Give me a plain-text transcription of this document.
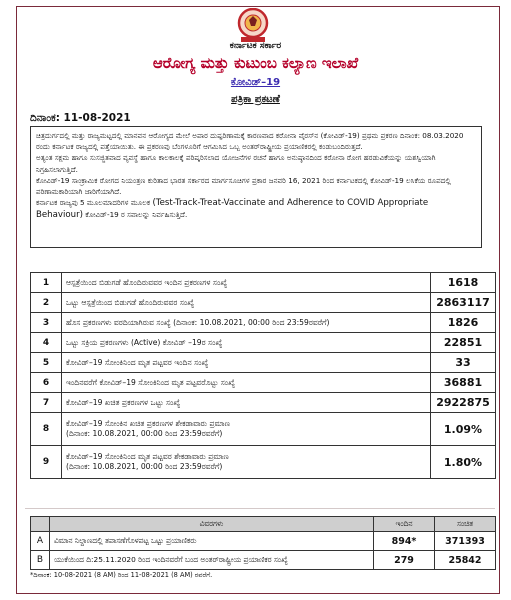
ಕರ್ನಾಟಕ ಸರ್ಕಾರ
ಆರೋಗ್ಯ ಮತ್ತು ಕುಟುಂಬ ಕಲ್ಯಾಣ ಇಲಾಖೆ
ಕೋವಿಡ್–19
ಪತ್ರಿಕಾ ಪ್ರಕಟಣೆ
ದಿನಾಂಕ: 11-08-2021

ಚಿತ್ರದುರ್ಗದಲ್ಲಿ ಮತ್ತು ರಾಜ್ಯಮಟ್ಟದಲ್ಲಿ ಮಾನವನ ಆರೋಗ್ಯದ ಮೇಲೆ ಅಪಾರ ದುಷ್ಪರಿಣಾಮಕ್ಕೆ ಕಾರಣವಾದ ಕರೋನಾ ವೈರಸ್‌ನ (ಕೋವಿಡ್-19) ಪ್ರಥಮ ಪ್ರಕರಣ ದಿನಾಂಕ: 08.03.2020 ರಂದು ಕರ್ನಾಟಕ ರಾಜ್ಯದಲ್ಲಿ ಪತ್ತೆಯಾಯಿತು. ಈ ಪ್ರಕರಣವು ಬೆಂಗಳೂರಿಗೆ ಆಗಮಿಸಿದ ಒಬ್ಬ ಅಂತರ್‌ರಾಷ್ಟ್ರೀಯ ಪ್ರಯಾಣಿಕರಲ್ಲಿ ಕಂಡುಬಂದಿರುತ್ತದೆ.

ಅತ್ಯಂತ ಸಕ್ಷಮ ಹಾಗೂ ಸುಸಜ್ಜಿತವಾದ ವ್ಯವಸ್ಥೆ ಹಾಗೂ ಕಾಲಕಾಲಕ್ಕೆ ಪರಿಷ್ಕರಿಸಲಾದ ಯೋಜನೆಗಳ ರಚನೆ ಹಾಗೂ ಅನುಷ್ಠಾನದಿಂದ ಕರೋನಾ ರೋಗ ಹರಡುವಿಕೆಯನ್ನು ಯಶಸ್ವಿಯಾಗಿ ನಿಗ್ರಹಿಸಲಾಗುತ್ತಿದೆ.

ಕೋವಿಡ್-19 ಸಾಂಕ್ರಾಮಿಕ ರೋಗದ ನಿಯಂತ್ರಣ ಕುರಿತಾದ ಭಾರತ ಸರ್ಕಾರದ ಮಾರ್ಗಸೂಚಿಗಳ ಪ್ರಕಾರ ಜನವರಿ 16, 2021 ರಿಂದ ಕರ್ನಾಟಕದಲ್ಲಿ ಕೋವಿಡ್-19 ಲಸಿಕೆಯ ರೂಪದಲ್ಲಿ ಪರಿಣಾಮಕಾರಿಯಾಗಿ ಜಾರಿಗೆಯಾಗಿದೆ.

ಕರ್ನಾಟಕ ರಾಜ್ಯವು 5 ಮೂಲಮಾದರಿಗಳ ಮೂಲಕ (Test-Track-Treat-Vaccinate and Adherence to COVID Appropriate Behaviour) ಕೋವಿಡ್-19 ರ ಸವಾಲನ್ನು ನಿರ್ವಹಿಸುತ್ತಿದೆ.

1	ಆಸ್ಪತ್ರೆಯಿಂದ ಬಿಡುಗಡೆ ಹೊಂದಿರುವವರ ಇಂದಿನ ಪ್ರಕರಣಗಳ ಸಂಖ್ಯೆ	1618
2	ಒಟ್ಟು ಆಸ್ಪತ್ರೆಯಿಂದ ಬಿಡುಗಡೆ ಹೊಂದಿರುವವರ ಸಂಖ್ಯೆ	2863117
3	ಹೊಸ ಪ್ರಕರಣಗಳು ವರದಿಯಾಗಿರುವ ಸಂಖ್ಯೆ (ದಿನಾಂಕ: 10.08.2021, 00:00 ರಿಂದ 23:59ರವರೆಗೆ)	1826
4	ಒಟ್ಟು ಸಕ್ರಿಯ ಪ್ರಕರಣಗಳು (Active) ಕೋವಿಡ್ –19ರ ಸಂಖ್ಯೆ	22851
5	ಕೋವಿಡ್–19 ಸೋಂಕಿನಿಂದ ಮೃತ ಪಟ್ಟವರ ಇಂದಿನ ಸಂಖ್ಯೆ	33
6	ಇಂದಿನವರೆಗೆ ಕೋವಿಡ್–19 ಸೋಂಕಿನಿಂದ ಮೃತ ಪಟ್ಟವರೊಟ್ಟು ಸಂಖ್ಯೆ	36881
7	ಕೋವಿಡ್–19 ಖಚಿತ ಪ್ರಕರಣಗಳ ಒಟ್ಟು ಸಂಖ್ಯೆ	2922875
8	ಕೋವಿಡ್–19 ಸೋಂಕಿನ ಖಚಿತ ಪ್ರಕರಣಗಳ ಶೇಕಡಾವಾರು ಪ್ರಮಾಣ
(ದಿನಾಂಕ: 10.08.2021, 00:00 ರಿಂದ 23:59ರವರೆಗೆ)	1.09%
9	ಕೋವಿಡ್–19 ಸೋಂಕಿನಿಂದ ಮೃತ ಪಟ್ಟವರ ಶೇಕಡಾವಾರು ಪ್ರಮಾಣ
(ದಿನಾಂಕ: 10.08.2021, 00:00 ರಿಂದ 23:59ರವರೆಗೆ)	1.80%
	ವಿವರಗಳು	ಇಂದಿನ	ಸಂಚಿತ
A	ವಿಮಾನ ನಿಲ್ದಾಣದಲ್ಲಿ ತಪಾಸಣೆಗೊಳಪಟ್ಟ ಒಟ್ಟು ಪ್ರಯಾಣಿಕರು	894*	371393
B	ಯುಕೆಯಿಂದ ದಿ:25.11.2020 ರಿಂದ ಇಂದಿನವರೆಗೆ ಬಂದ ಅಂತರ್‌ರಾಷ್ಟ್ರೀಯ ಪ್ರಯಾಣಿಕರ ಸಂಖ್ಯೆ	279	25842
*ದಿನಾಂಕ: 10-08-2021 (8 AM) ರಿಂದ 11-08-2021 (8 AM) ರವರೆಗೆ.
